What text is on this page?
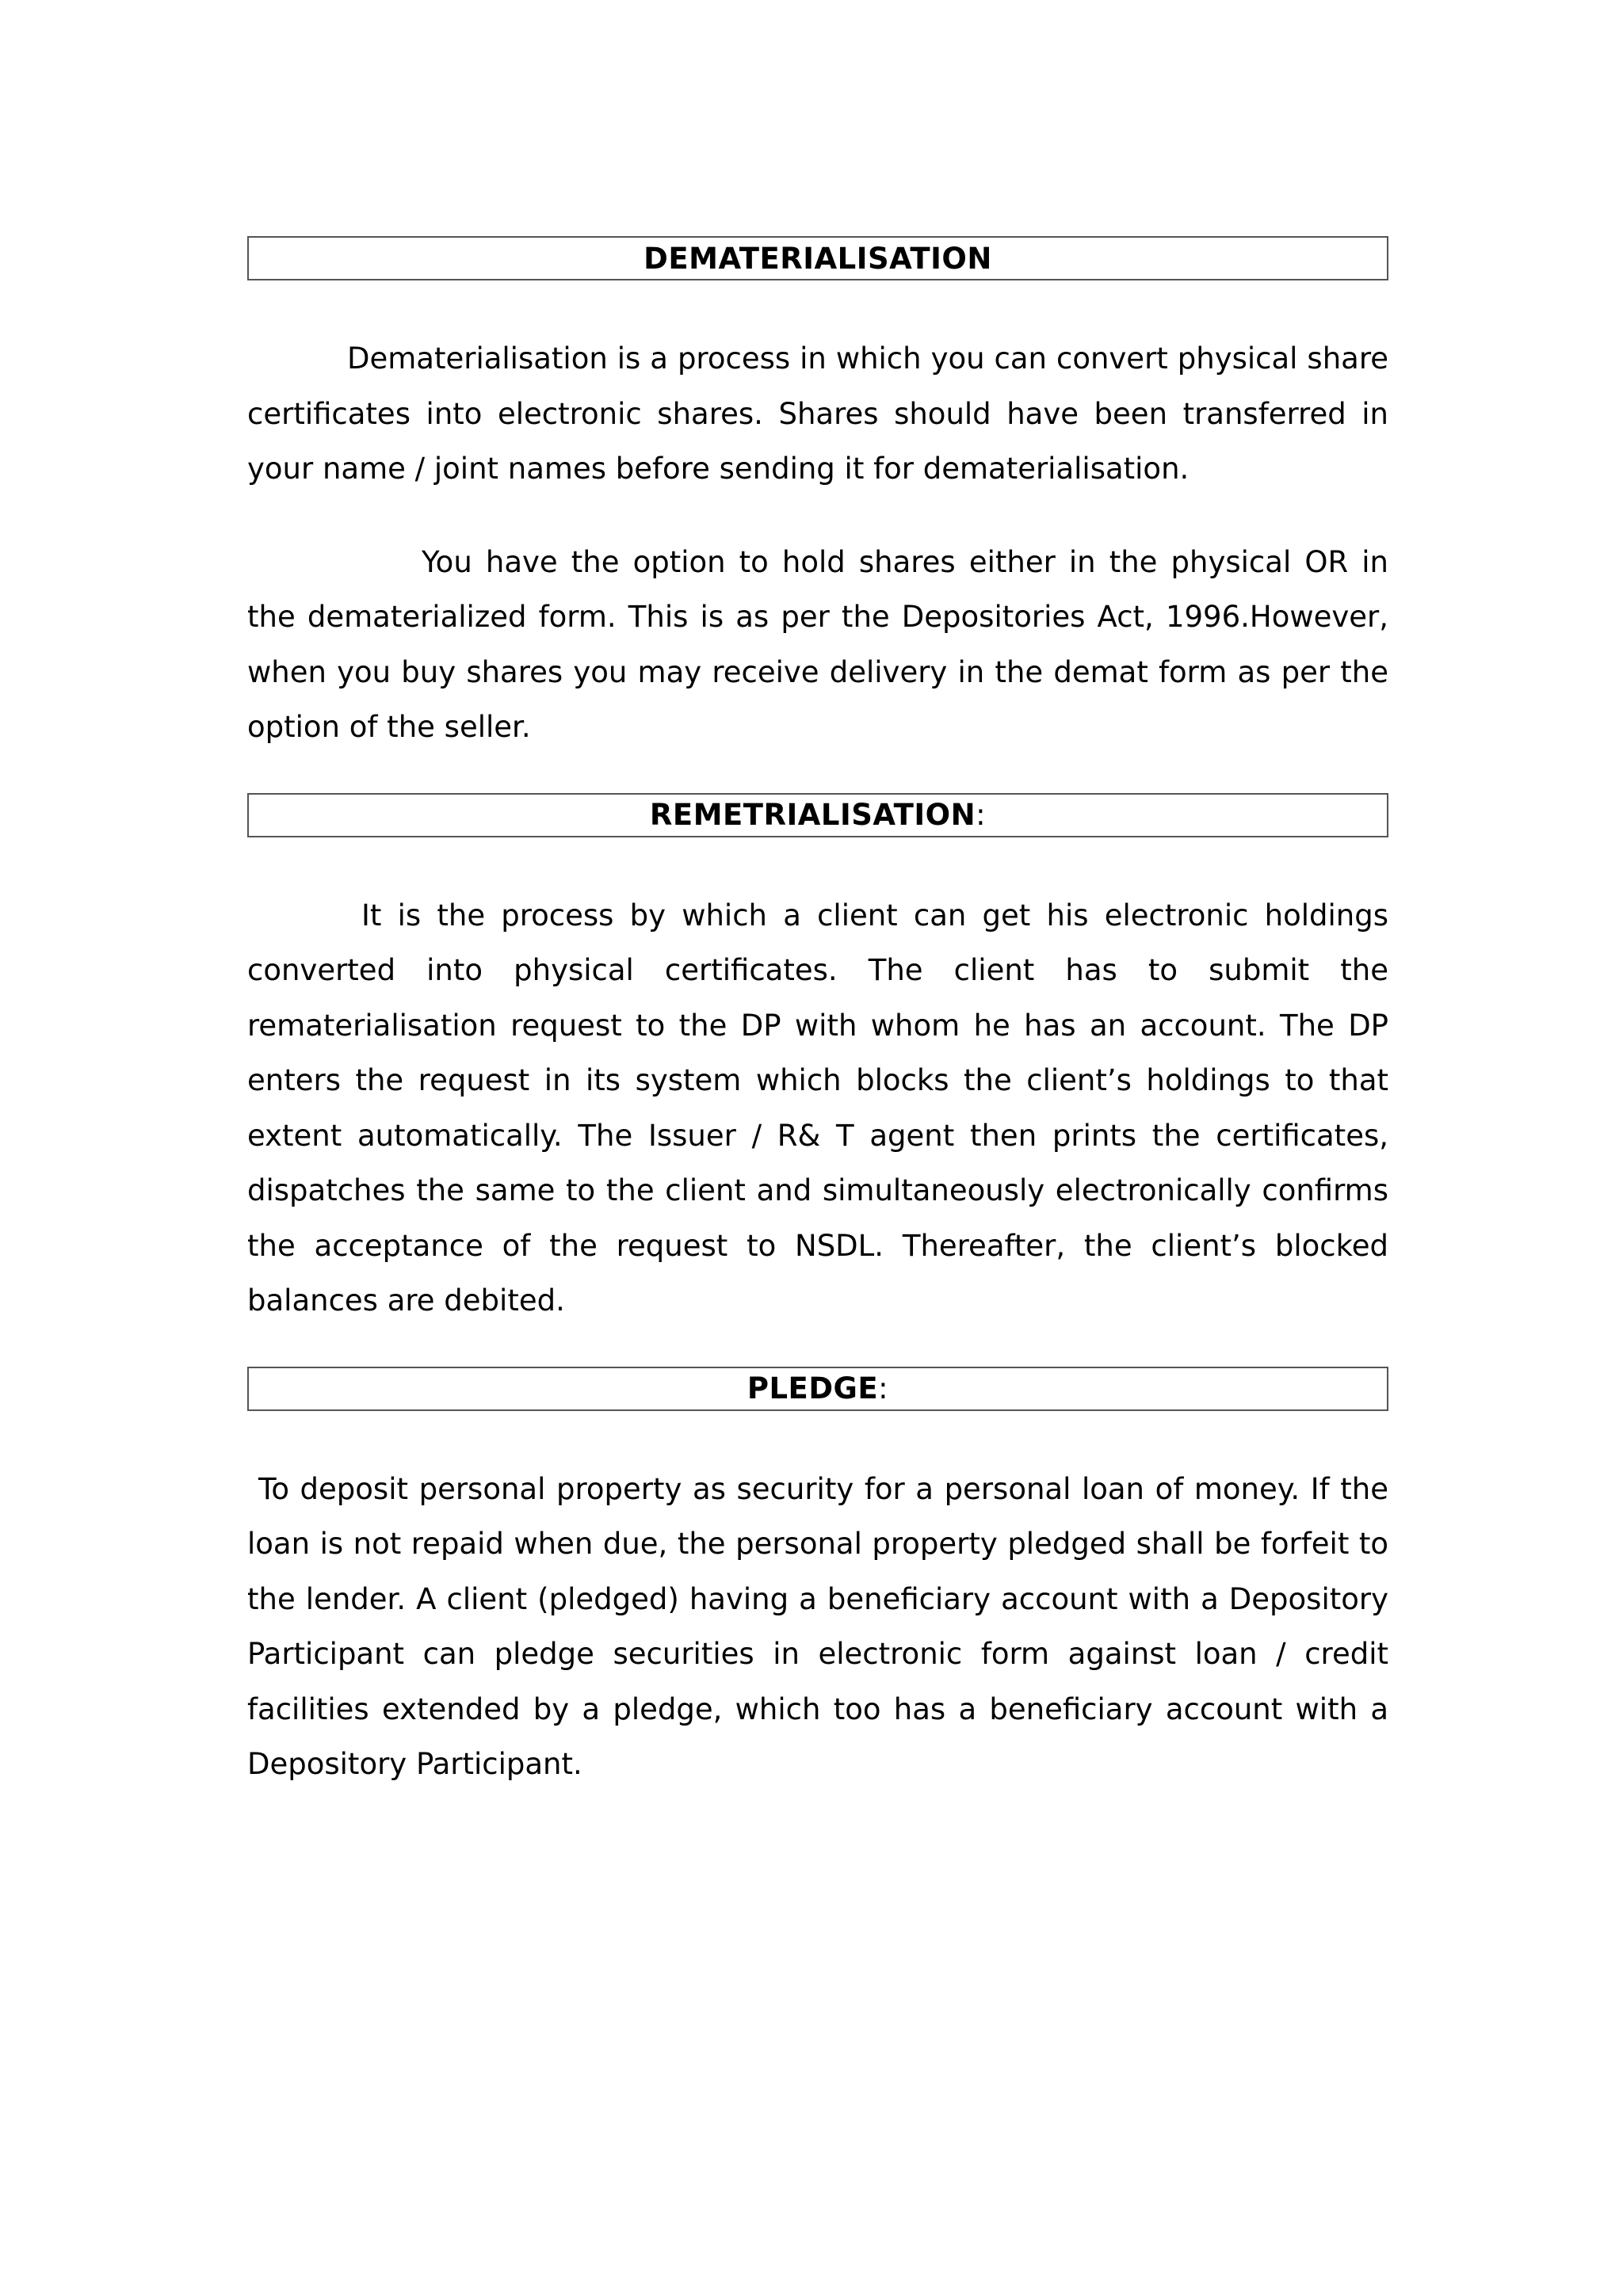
DEMATERIALISATION

Dematerialisation is a process in which you can convert physical share certificates into electronic shares. Shares should have been transferred in your name / joint names before sending it for dematerialisation.

You have the option to hold shares either in the physical OR in the dematerialized form. This is as per the Depositories Act, 1996.However, when you buy shares you may receive delivery in the demat form as per the option of the seller.

REMETRIALISATION :

It is the process by which a client can get his electronic holdings converted into physical certificates. The client has to submit the rematerialisation request to the DP with whom he has an account. The DP enters the request in its system which blocks the client’s holdings to that extent automatically. The Issuer / R& T agent then prints the certificates, dispatches the same to the client and simultaneously electronically confirms the acceptance of the request to NSDL. Thereafter, the client’s blocked balances are debited.

PLEDGE :

To deposit personal property as security for a personal loan of money. If the loan is not repaid when due, the personal property pledged shall be forfeit to the lender. A client (pledged) having a beneficiary account with a Depository Participant can pledge securities in electronic form against loan / credit facilities extended by a pledge, which too has a beneficiary account with a Depository Participant.
